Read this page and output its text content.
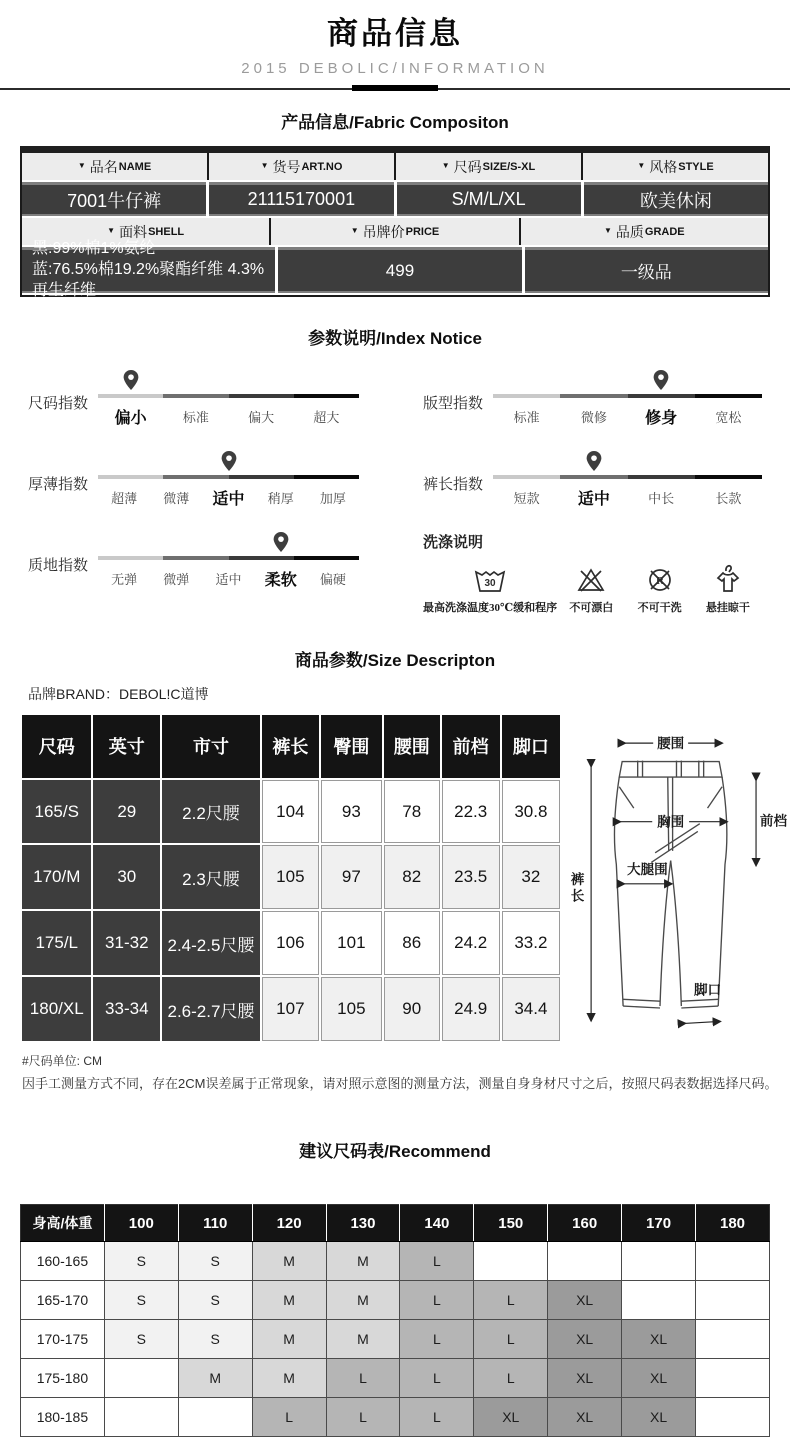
商品信息
2015 DEBOLIC/INFORMATION
产品信息/Fabric Compositon
▼ 品名 NAME	▼ 货号 ART.NO	▼ 尺码 SIZE/S-XL	▼ 风格 STYLE
7001牛仔裤	21115170001	S/M/L/XL	欧美休闲
▼ 面料 SHELL	▼ 吊牌价 PRICE	▼ 品质 GRADE
黑:99%棉1%氨纶
蓝:76.5%棉19.2%聚酯纤维 4.3%再生纤维
499	一级品
参数说明/Index Notice
尺码指数
偏小	标准	偏大	超大
厚薄指数
超薄	微薄	适中	稍厚	加厚
质地指数
无弹	微弹	适中	柔软	偏硬
版型指数
标准	微修	修身	宽松
裤长指数
短款	适中	中长	长款
洗涤说明
30
最高洗涤温度30℃缓和程序 不可漂白
R
不可干洗 悬挂晾干
商品参数/Size Descripton
品牌BRAND：DEBOL!C道博
尺码	英寸	市寸	裤长	臀围	腰围	前档	脚口
165/S	29	2.2尺腰	104	93	78	22.3	30.8
170/M	30	2.3尺腰	105	97	82	23.5	32
175/L	31-32	2.4-2.5尺腰	106	101	86	24.2	33.2
180/XL	33-34	2.6-2.7尺腰	107	105	90	24.9	34.4
腰围
胸围	前档
大腿围
裤长
脚口
#尺码单位: CM
因手工测量方式不同，存在2CM误差属于正常现象，请对照示意图的测量方法，测量自身身材尺寸之后，按照尺码表数据选择尺码。
建议尺码表/Recommend
身高/体重	100	110	120	130	140	150	160	170	180
160-165	S	S	M	M	L				
165-170	S	S	M	M	L	L	XL		
170-175	S	S	M	M	L	L	XL	XL	
175-180		M	M	L	L	L	XL	XL	
180-185			L	L	L	XL	XL	XL	
